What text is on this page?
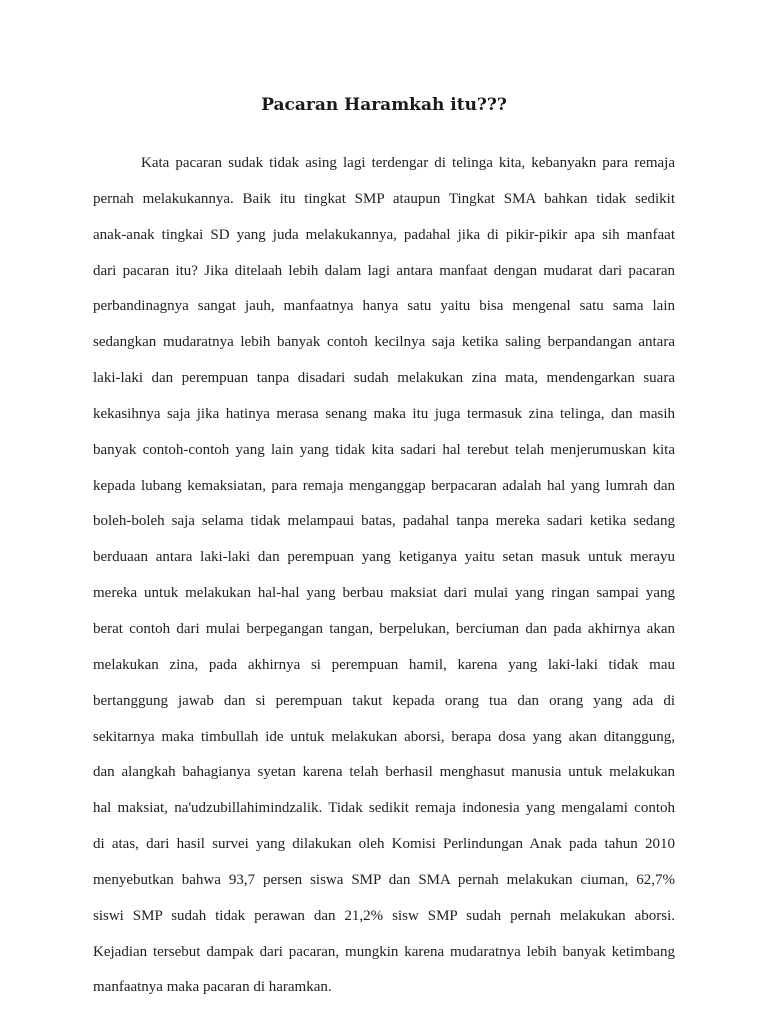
Pacaran Haramkah itu???
Kata pacaran sudak tidak asing lagi terdengar di telinga kita, kebanyakn para remaja
pernah melakukannya. Baik itu tingkat SMP ataupun Tingkat SMA bahkan tidak sedikit
anak-anak tingkai SD yang juda melakukannya, padahal jika di pikir-pikir apa sih manfaat
dari pacaran itu? Jika ditelaah lebih dalam lagi antara manfaat dengan mudarat dari pacaran
perbandinagnya sangat jauh, manfaatnya hanya satu yaitu bisa mengenal satu sama lain
sedangkan mudaratnya lebih banyak contoh kecilnya saja ketika saling berpandangan antara
laki-laki dan perempuan tanpa disadari sudah melakukan zina mata, mendengarkan suara
kekasihnya saja jika hatinya merasa senang maka itu juga termasuk zina telinga, dan masih
banyak contoh-contoh yang lain yang tidak kita sadari hal terebut telah menjerumuskan kita
kepada lubang kemaksiatan, para remaja menganggap berpacaran adalah hal yang lumrah dan
boleh-boleh saja selama tidak melampaui batas, padahal tanpa mereka sadari ketika sedang
berduaan antara laki-laki dan perempuan yang ketiganya yaitu setan masuk untuk merayu
mereka untuk melakukan hal-hal yang berbau maksiat dari mulai yang ringan sampai yang
berat contoh dari mulai berpegangan tangan, berpelukan, berciuman dan pada akhirnya akan
melakukan zina, pada akhirnya si perempuan hamil, karena yang laki-laki tidak mau
bertanggung jawab dan si perempuan takut kepada orang tua dan orang yang ada di
sekitarnya maka timbullah ide untuk melakukan aborsi, berapa dosa yang akan ditanggung,
dan alangkah bahagianya syetan karena telah berhasil menghasut manusia untuk melakukan
hal maksiat, na'udzubillahimindzalik. Tidak sedikit remaja indonesia yang mengalami contoh
di atas, dari hasil survei yang dilakukan oleh Komisi Perlindungan Anak pada tahun 2010
menyebutkan bahwa 93,7 persen siswa SMP dan SMA pernah melakukan ciuman, 62,7%
siswi SMP sudah tidak perawan dan 21,2% sisw SMP sudah pernah melakukan aborsi.
Kejadian tersebut dampak dari pacaran, mungkin karena mudaratnya lebih banyak ketimbang
manfaatnya maka pacaran di haramkan.
